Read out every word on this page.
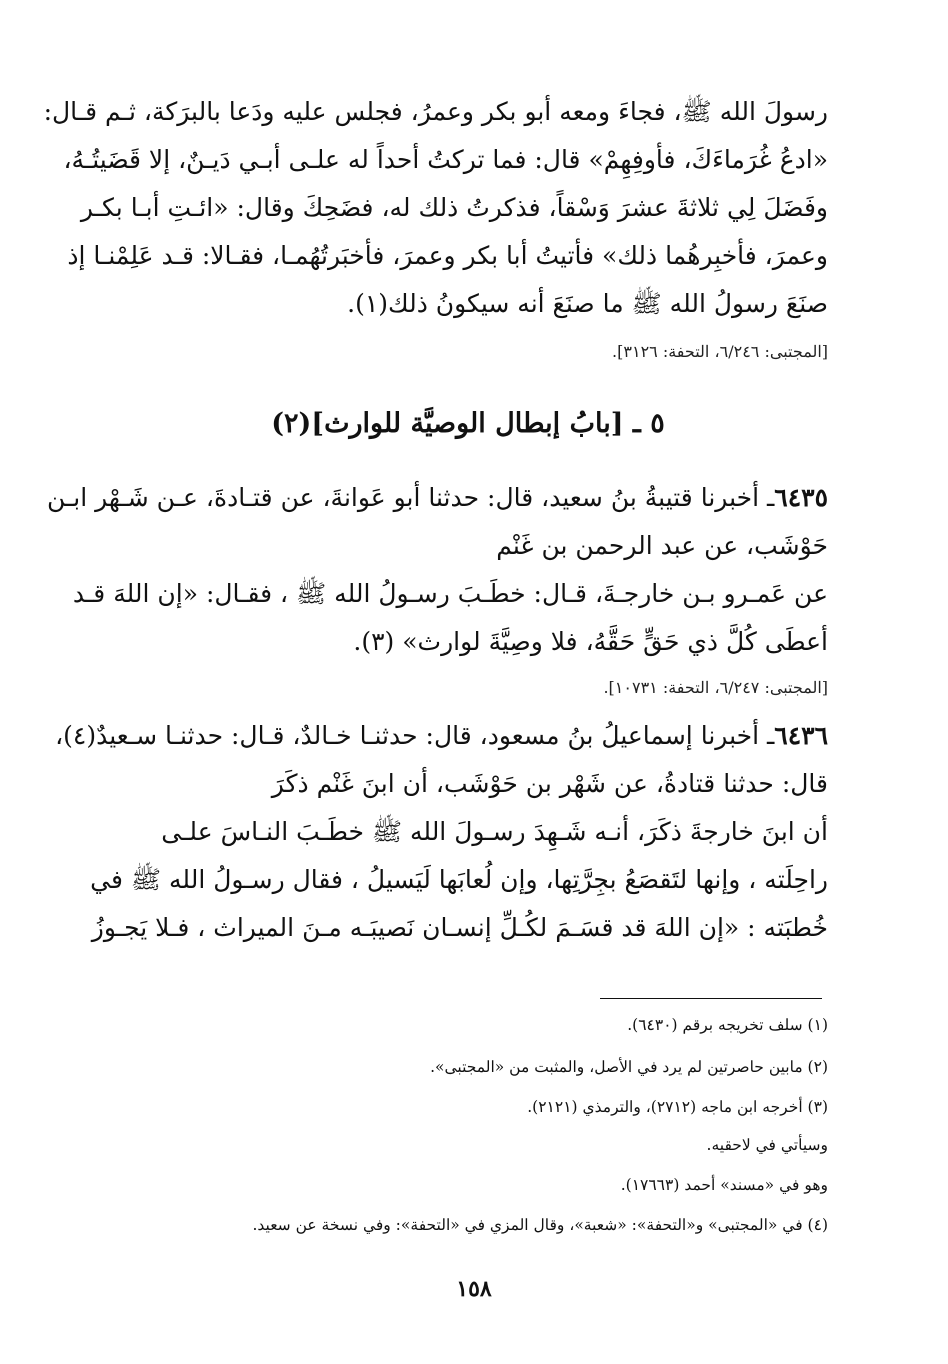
رسولَ الله ﷺ، فجاءَ ومعه أبو بكر وعمرُ، فجلس عليه ودَعا بالبرَكة، ثـم قـال:
«ادعُ غُرَماءَكَ، فأوفِهِمْ» قال: فما تركتُ أحداً له علـى أبـي دَيـنٌ، إلا قَضَيتُـهُ،
وفَضَلَ لِي ثلاثةَ عشرَ وَسْقاً، فذكرتُ ذلك له، فضَحِكَ وقال: «ائـتِ أبـا بكـر
وعمرَ، فأخبِرهُما ذلك» فأتيتُ أبا بكر وعمرَ، فأخبَرتُهُمـا، فقـالا: قـد عَلِمْنـا إذ
صنَعَ رسولُ الله ﷺ ما صنَعَ أنه سيكونُ ذلك(١).
[المجتبى: ٦/٢٤٦، التحفة: ٣١٢٦].
٥ ـ [بابُ إبطال الوصيَّة للوارث](٢)
٦٤٣٥ـ أخبرنا قتيبةُ بنُ سعيد، قال: حدثنا أبو عَوانةَ، عن قتـادةَ، عـن شَـهْر ابـن
حَوْشَب، عن عبد الرحمن بن غَنْم
عن عَمـرو بـن خارجـةَ، قـال: خطَـبَ رسـولُ الله ﷺ ، فقـال: «إن اللهَ قـد
أعطَى كُلَّ ذي حَقٍّ حَقَّهُ، فلا وصِيَّةَ لوارث» (٣).
[المجتبى: ٦/٢٤٧، التحفة: ١٠٧٣١].
٦٤٣٦ـ أخبرنا إسماعيلُ بنُ مسعود، قال: حدثنـا خـالدٌ، قـال: حدثنـا سـعيدٌ(٤)،
قال: حدثنا قتادةُ، عن شَهْر بن حَوْشَب، أن ابنَ غَنْم ذكَرَ
أن ابنَ خارجةَ ذكَرَ، أنـه شَـهِدَ رسـولَ الله ﷺ خطَـبَ النـاسَ علـى
راحِلَته ، وإنها لتَقصَعُ بجِرَّتِها، وإن لُعابَها لَيَسيلُ ، فقال رسـولُ الله ﷺ في
خُطبَته : «إن اللهَ قد قسَـمَ لكُـلِّ إنسـان نَصيبَـه مـنَ الميراث ، فـلا يَجـوزُ
(١) سلف تخريجه برقم (٦٤٣٠).
(٢) مابين حاصرتين لم يرد في الأصل، والمثبت من «المجتبى».
(٣) أخرجه ابن ماجه (٢٧١٢)، والترمذي (٢١٢١).
وسيأتي في لاحقيه.
وهو في «مسند» أحمد (١٧٦٦٣).
(٤) في «المجتبى» و«التحفة»: «شعبة»، وقال المزي في «التحفة»: وفي نسخة عن سعيد.
١٥٨
